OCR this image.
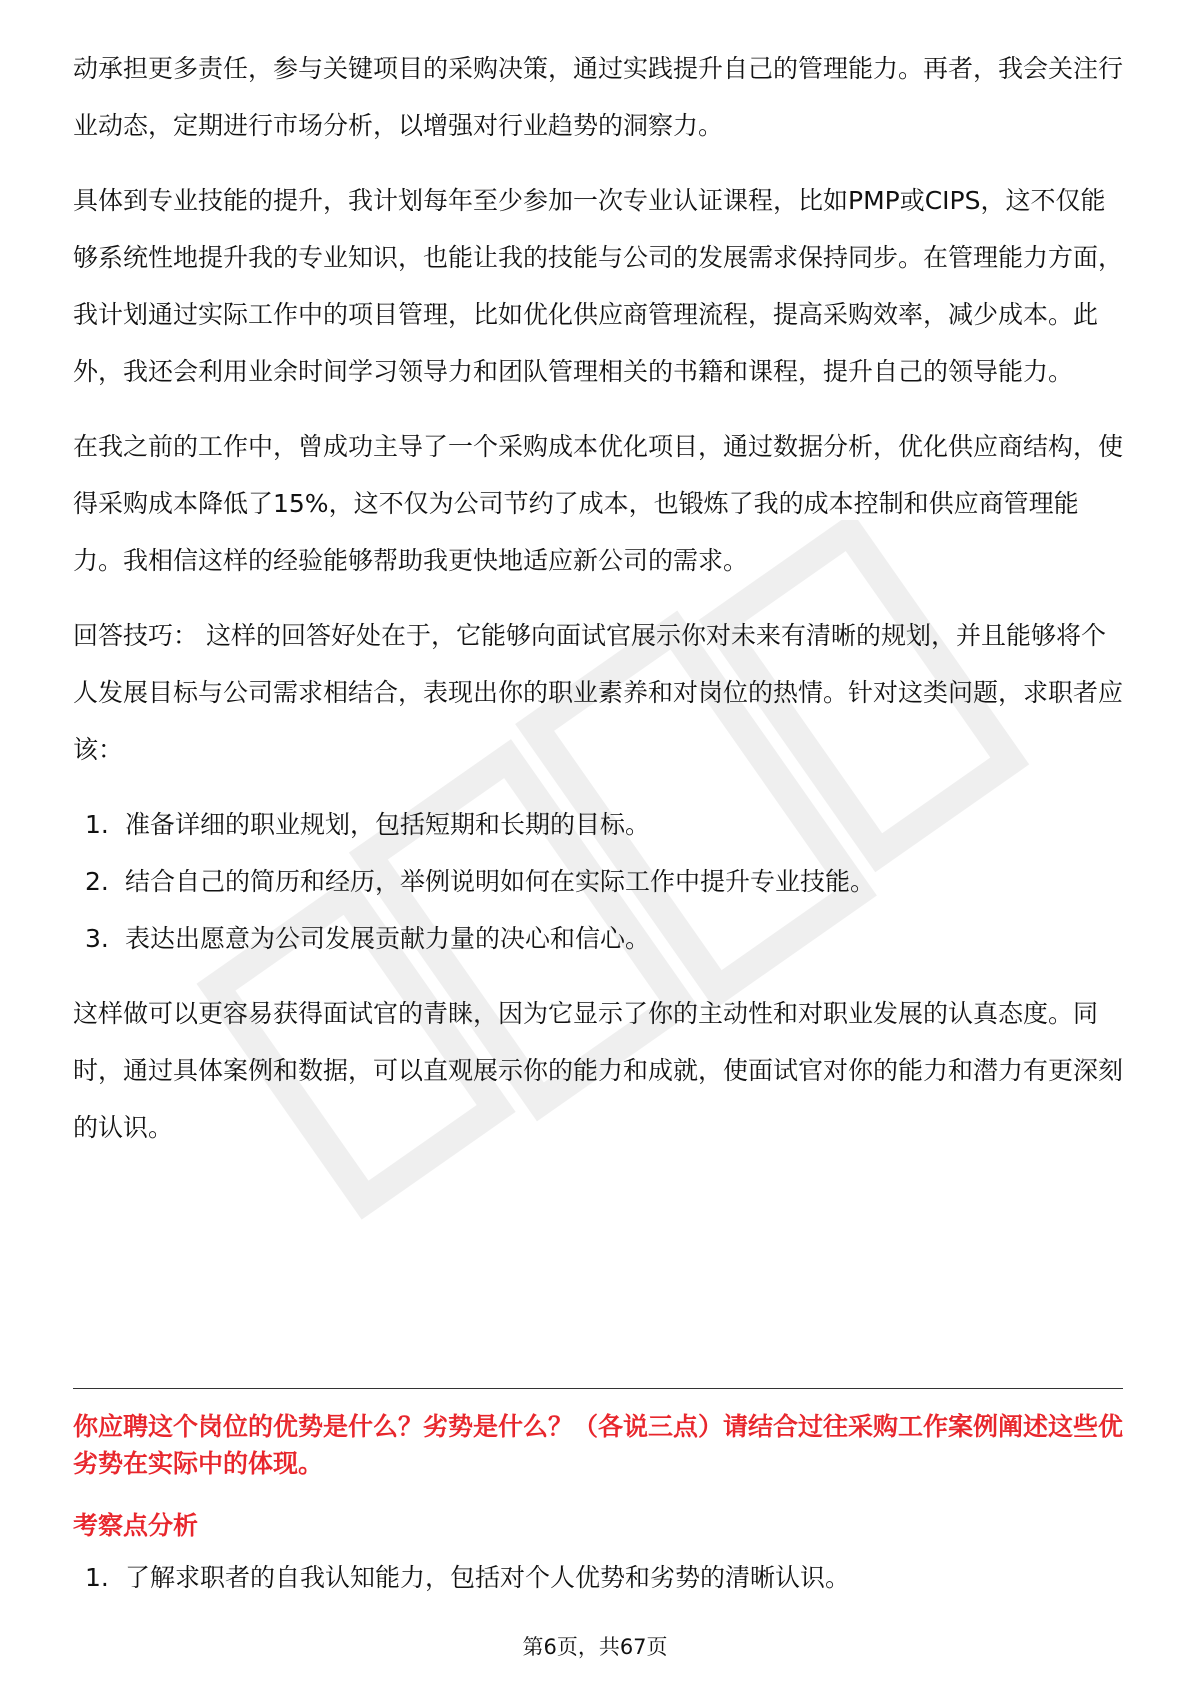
动承担更多责任，参与关键项目的采购决策，通过实践提升自己的管理能力。再者，我会关注行业动态，定期进行市场分析，以增强对行业趋势的洞察力。

具体到专业技能的提升，我计划每年至少参加一次专业认证课程，比如PMP或CIPS，这不仅能够系统性地提升我的专业知识，也能让我的技能与公司的发展需求保持同步。在管理能力方面，我计划通过实际工作中的项目管理，比如优化供应商管理流程，提高采购效率，减少成本。此外，我还会利用业余时间学习领导力和团队管理相关的书籍和课程，提升自己的领导能力。

在我之前的工作中，曾成功主导了一个采购成本优化项目，通过数据分析，优化供应商结构，使得采购成本降低了15%，这不仅为公司节约了成本，也锻炼了我的成本控制和供应商管理能力。我相信这样的经验能够帮助我更快地适应新公司的需求。

回答技巧： 这样的回答好处在于，它能够向面试官展示你对未来有清晰的规划，并且能够将个人发展目标与公司需求相结合，表现出你的职业素养和对岗位的热情。针对这类问题，求职者应该：

1. 准备详细的职业规划，包括短期和长期的目标。
2. 结合自己的简历和经历，举例说明如何在实际工作中提升专业技能。
3. 表达出愿意为公司发展贡献力量的决心和信心。

这样做可以更容易获得面试官的青睐，因为它显示了你的主动性和对职业发展的认真态度。同时，通过具体案例和数据，可以直观展示你的能力和成就，使面试官对你的能力和潜力有更深刻的认识。

你应聘这个岗位的优势是什么？劣势是什么？（各说三点）请结合过往采购工作案例阐述这些优劣势在实际中的体现。

考察点分析

1. 了解求职者的自我认知能力，包括对个人优势和劣势的清晰认识。
第6页，共67页
